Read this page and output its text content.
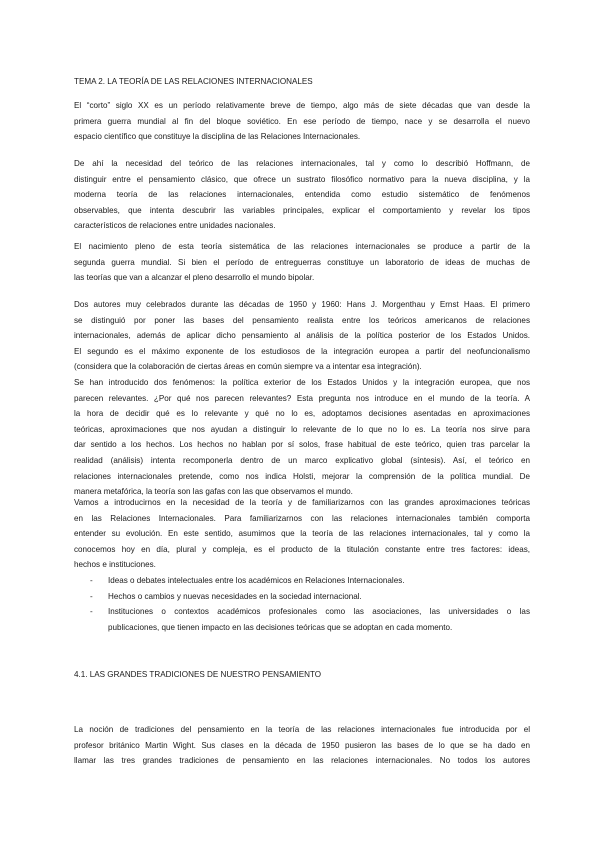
TEMA 2. LA TEORÍA DE LAS RELACIONES INTERNACIONALES
El “corto” siglo XX es un período relativamente breve de tiempo, algo más de siete décadas que van desde la
primera guerra mundial al fin del bloque soviético. En ese período de tiempo, nace y se desarrolla el nuevo
espacio científico que constituye la disciplina de las Relaciones Internacionales.
De ahí la necesidad del teórico de las relaciones internacionales, tal y como lo describió Hoffmann, de
distinguir entre el pensamiento clásico, que ofrece un sustrato filosófico normativo para la nueva disciplina, y la
moderna teoría de las relaciones internacionales, entendida como estudio sistemático de fenómenos
observables, que intenta descubrir las variables principales, explicar el comportamiento y revelar los tipos
característicos de relaciones entre unidades nacionales.
El nacimiento pleno de esta teoría sistemática de las relaciones internacionales se produce a partir de la
segunda guerra mundial. Si bien el período de entreguerras constituye un laboratorio de ideas de muchas de
las teorías que van a alcanzar el pleno desarrollo el mundo bipolar.
Dos autores muy celebrados durante las décadas de 1950 y 1960: Hans J. Morgenthau y Ernst Haas. El primero
se distinguió por poner las bases del pensamiento realista entre los teóricos americanos de relaciones
internacionales, además de aplicar dicho pensamiento al análisis de la política posterior de los Estados Unidos.
El segundo es el máximo exponente de los estudiosos de la integración europea a partir del neofuncionalismo
(considera que la colaboración de ciertas áreas en común siempre va a intentar esa integración).
Se han introducido dos fenómenos: la política exterior de los Estados Unidos y la integración europea, que nos
parecen relevantes. ¿Por qué nos parecen relevantes? Esta pregunta nos introduce en el mundo de la teoría. A
la hora de decidir qué es lo relevante y qué no lo es, adoptamos decisiones asentadas en aproximaciones
teóricas, aproximaciones que nos ayudan a distinguir lo relevante de lo que no lo es. La teoría nos sirve para
dar sentido a los hechos. Los hechos no hablan por sí solos, frase habitual de este teórico, quien tras parcelar la
realidad (análisis) intenta recomponerla dentro de un marco explicativo global (síntesis). Así, el teórico en
relaciones internacionales pretende, como nos indica Holsti, mejorar la comprensión de la política mundial. De
manera metafórica, la teoría son las gafas con las que observamos el mundo.
Vamos a introducirnos en la necesidad de la teoría y de familiarizarnos con las grandes aproximaciones teóricas
en las Relaciones Internacionales. Para familiarizarnos con las relaciones internacionales también comporta
entender su evolución. En este sentido, asumimos que la teoría de las relaciones internacionales, tal y como la
conocemos hoy en día, plural y compleja, es el producto de la titulación constante entre tres factores: ideas,
hechos e instituciones.
- Ideas o debates intelectuales entre los académicos en Relaciones Internacionales.
- Hechos o cambios y nuevas necesidades en la sociedad internacional.
- Instituciones o contextos académicos profesionales como las asociaciones, las universidades o las
publicaciones, que tienen impacto en las decisiones teóricas que se adoptan en cada momento.
4.1. LAS GRANDES TRADICIONES DE NUESTRO PENSAMIENTO
La noción de tradiciones del pensamiento en la teoría de las relaciones internacionales fue introducida por el
profesor británico Martin Wight. Sus clases en la década de 1950 pusieron las bases de lo que se ha dado en
llamar las tres grandes tradiciones de pensamiento en las relaciones internacionales. No todos los autores
